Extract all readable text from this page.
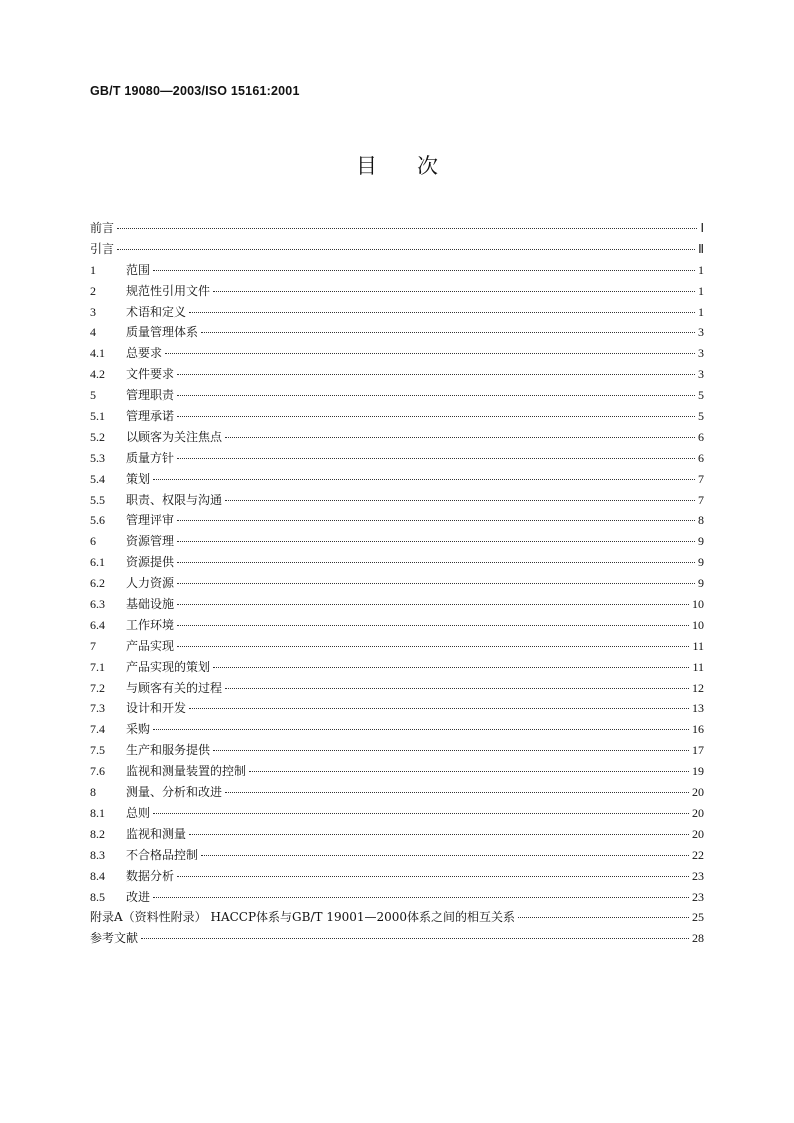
GB/T 19080—2003/ISO 15161:2001
目次
前言	Ⅰ
引言	Ⅱ
1	范围	1
2	规范性引用文件	1
3	术语和定义	1
4	质量管理体系	3
4.1	总要求	3
4.2	文件要求	3
5	管理职责	5
5.1	管理承诺	5
5.2	以顾客为关注焦点	6
5.3	质量方针	6
5.4	策划	7
5.5	职责、权限与沟通	7
5.6	管理评审	8
6	资源管理	9
6.1	资源提供	9
6.2	人力资源	9
6.3	基础设施	10
6.4	工作环境	10
7	产品实现	11
7.1	产品实现的策划	11
7.2	与顾客有关的过程	12
7.3	设计和开发	13
7.4	采购	16
7.5	生产和服务提供	17
7.6	监视和测量装置的控制	19
8	测量、分析和改进	20
8.1	总则	20
8.2	监视和测量	20
8.3	不合格品控制	22
8.4	数据分析	23
8.5	改进	23
附录A（资料性附录） HACCP体系与GB/T 19001—2000体系之间的相互关系	25
参考文献	28
